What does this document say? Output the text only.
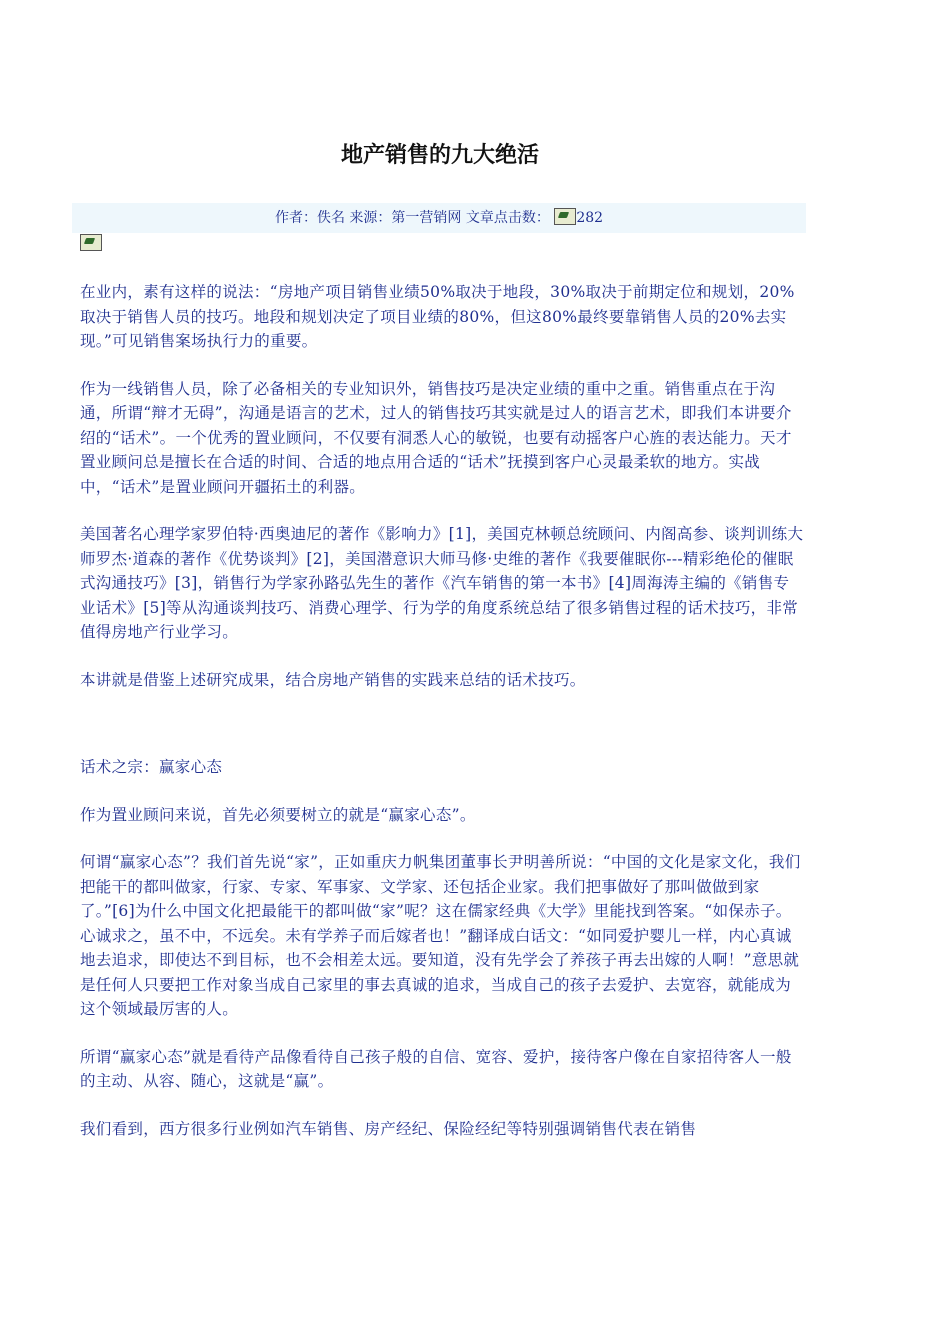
地产销售的九大绝活
作者：佚名 来源：第一营销网 文章点击数： 282

在业内，素有这样的说法：“房地产项目销售业绩50%取决于地段，30%取决于前期定位和规划，20%取决于销售人员的技巧。地段和规划决定了项目业绩的80%，但这80%最终要靠销售人员的20%去实现。”可见销售案场执行力的重要。

作为一线销售人员，除了必备相关的专业知识外，销售技巧是决定业绩的重中之重。销售重点在于沟通，所谓“辩才无碍”，沟通是语言的艺术，过人的销售技巧其实就是过人的语言艺术，即我们本讲要介绍的“话术”。一个优秀的置业顾问，不仅要有洞悉人心的敏锐，也要有动摇客户心旌的表达能力。天才置业顾问总是擅长在合适的时间、合适的地点用合适的“话术”抚摸到客户心灵最柔软的地方。实战中，“话术”是置业顾问开疆拓土的利器。

美国著名心理学家罗伯特·西奥迪尼的著作《影响力》[1]，美国克林顿总统顾问、内阁高参、谈判训练大师罗杰·道森的著作《优势谈判》[2]，美国潜意识大师马修·史维的著作《我要催眠你---精彩绝伦的催眠式沟通技巧》[3]，销售行为学家孙路弘先生的著作《汽车销售的第一本书》[4]周海涛主编的《销售专业话术》[5]等从沟通谈判技巧、消费心理学、行为学的角度系统总结了很多销售过程的话术技巧，非常值得房地产行业学习。

本讲就是借鉴上述研究成果，结合房地产销售的实践来总结的话术技巧。

话术之宗：赢家心态

作为置业顾问来说，首先必须要树立的就是“赢家心态”。

何谓“赢家心态”？我们首先说“家”，正如重庆力帆集团董事长尹明善所说：“中国的文化是家文化，我们把能干的都叫做家，行家、专家、军事家、文学家、还包括企业家。我们把事做好了那叫做做到家了。”[6]为什么中国文化把最能干的都叫做“家”呢？这在儒家经典《大学》里能找到答案。“如保赤子。心诚求之，虽不中，不远矣。未有学养子而后嫁者也！”翻译成白话文：“如同爱护婴儿一样，内心真诚地去追求，即使达不到目标，也不会相差太远。要知道，没有先学会了养孩子再去出嫁的人啊！”意思就是任何人只要把工作对象当成自己家里的事去真诚的追求，当成自己的孩子去爱护、去宽容，就能成为这个领域最厉害的人。

所谓“赢家心态”就是看待产品像看待自己孩子般的自信、宽容、爱护，接待客户像在自家招待客人一般的主动、从容、随心，这就是“赢”。

我们看到，西方很多行业例如汽车销售、房产经纪、保险经纪等特别强调销售代表在销售
